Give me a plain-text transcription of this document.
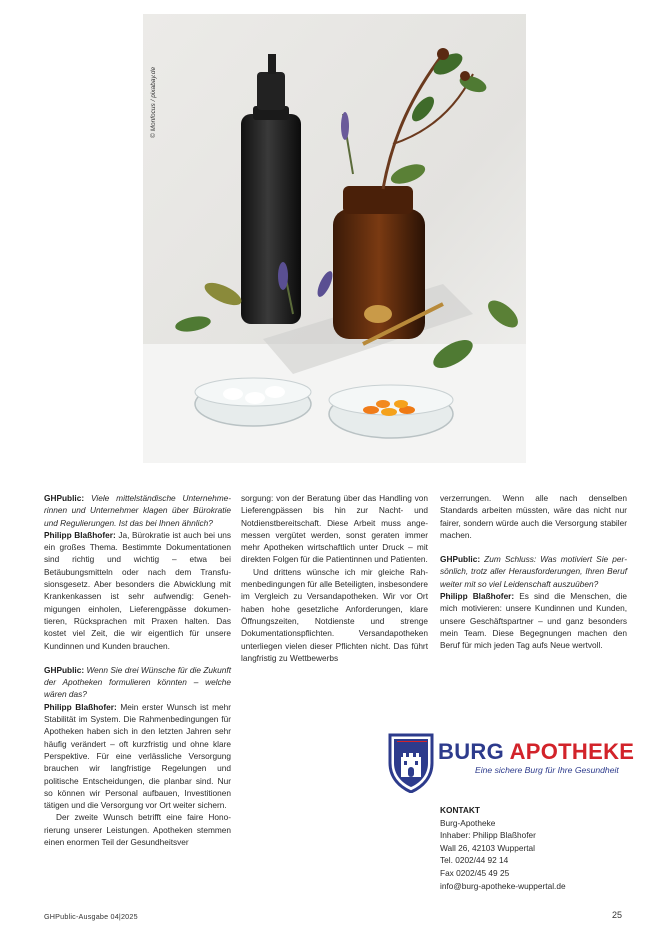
© Monfocus / pixabay.de

GHPublic: Viele mittelständische Unternehmerinnen und Unternehmer klagen über Bürokratie und Regulierungen. Ist das bei Ihnen ähnlich?

Philipp Blaßhofer: Ja, Bürokratie ist auch bei uns ein großes Thema. Bestimmte Dokumentationen sind richtig und wichtig – etwa bei Betäubungsmitteln oder nach dem Transfusionsgesetz. Aber besonders die Abwicklung mit Krankenkassen ist sehr aufwendig: Genehmigungen einholen, Lieferengpässe dokumentieren, Rücksprachen mit Praxen halten. Das kostet viel Zeit, die wir eigentlich für unsere Kundinnen und Kunden brauchen.

GHPublic: Wenn Sie drei Wünsche für die Zukunft der Apotheken formulieren könnten – welche wären das?

Philipp Blaßhofer: Mein erster Wunsch ist mehr Stabilität im System. Die Rahmenbedingungen für Apotheken haben sich in den letzten Jahren sehr häufig verändert – oft kurzfristig und ohne klare Perspektive. Für eine verlässliche Versorgung brauchen wir langfristige Regelungen und politische Entscheidungen, die planbar sind. Nur so können wir Personal aufbauen, Investitionen tätigen und die Versorgung vor Ort weiter sichern.

Der zweite Wunsch betrifft eine faire Honorierung unserer Leistungen. Apotheken stemmen einen enormen Teil der Gesundheitsver

sorgung: von der Beratung über das Handling von Lieferengpässen bis hin zur Nacht- und Notdienstbereitschaft. Diese Arbeit muss angemessen vergütet werden, sonst geraten immer mehr Apotheken wirtschaftlich unter Druck – mit direkten Folgen für die Patientinnen und Patienten.

Und drittens wünsche ich mir gleiche Rahmenbedingungen für alle Beteiligten, insbesondere im Vergleich zu Versandapotheken. Wir vor Ort haben hohe gesetzliche Anforderungen, klare Öffnungszeiten, Notdienste und strenge Dokumentationspflichten. Versandapotheken unterliegen vielen dieser Pflichten nicht. Das führt langfristig zu Wettbewerbs

verzerrungen. Wenn alle nach denselben Standards arbeiten müssten, wäre das nicht nur fairer, sondern würde auch die Versorgung stabiler machen.

GHPublic: Zum Schluss: Was motiviert Sie persönlich, trotz aller Herausforderungen, Ihren Beruf weiter mit so viel Leidenschaft auszuüben?

Philipp Blaßhofer: Es sind die Menschen, die mich motivieren: unsere Kundinnen und Kunden, unsere Geschäftspartner – und ganz besonders mein Team. Diese Begegnungen machen den Beruf für mich jeden Tag aufs Neue wertvoll.

BURG APOTHEKE
Eine sichere Burg für Ihre Gesundheit
KONTAKT
Burg-Apotheke
Inhaber: Philipp Blaßhofer
Wall 26, 42103 Wuppertal
Tel. 0202/44 92 14
Fax 0202/45 49 25
info@burg-apotheke-wuppertal.de
GHPublic-Ausgabe 04|2025	25
